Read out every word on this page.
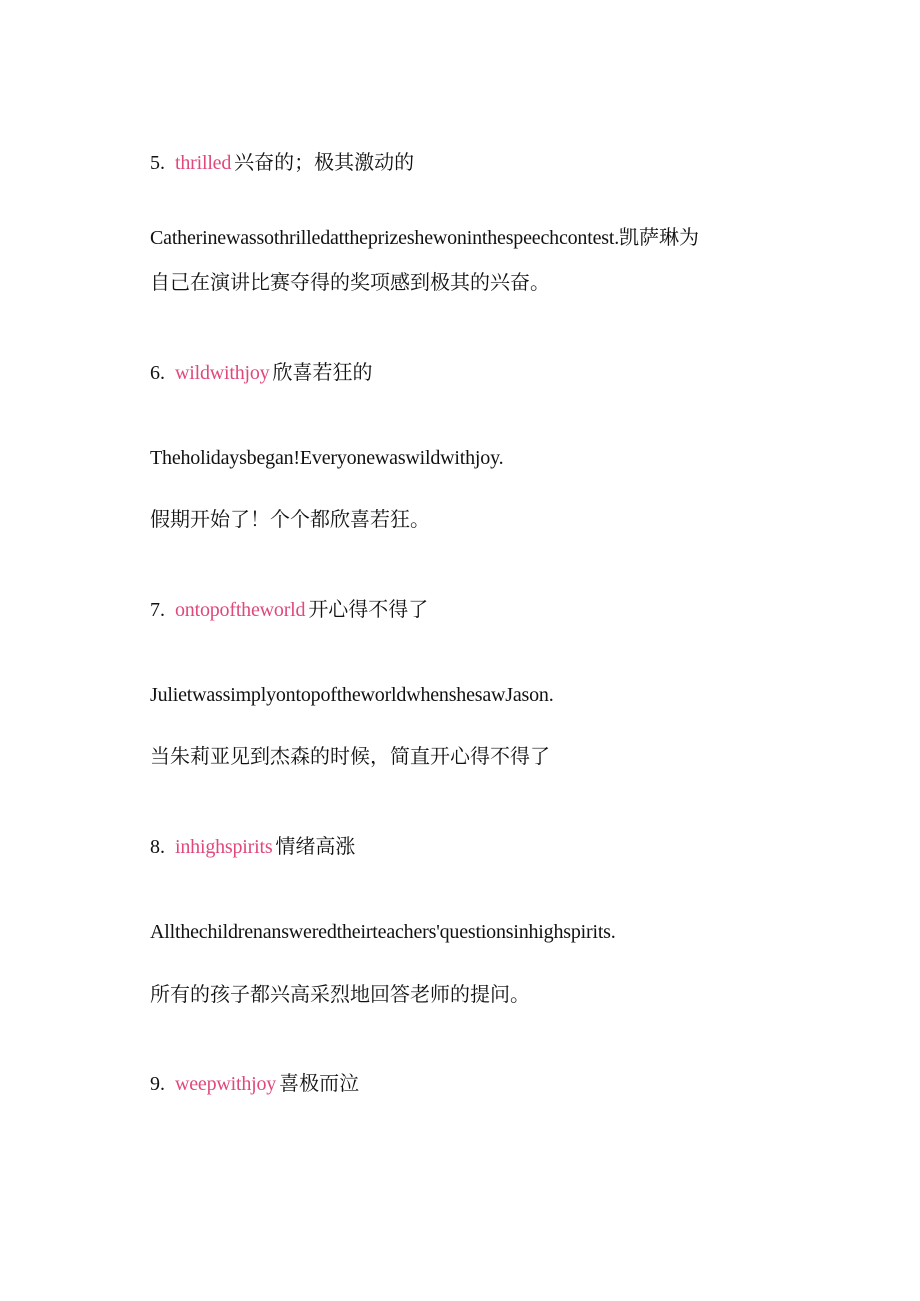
5. thrilled 兴奋的；极其激动的
Catherinewassothrilledattheprizeshewoninthespeechcontest.凯萨琳为
自己在演讲比赛夺得的奖项感到极其的兴奋。
6. wildwithjoy 欣喜若狂的
Theholidaysbegan!Everyonewaswildwithjoy.
假期开始了！个个都欣喜若狂。
7. ontopoftheworld 开心得不得了
JulietwassimplyontopoftheworldwhenshesawJason.
当朱莉亚见到杰森的时候，简直开心得不得了
8. inhighspirits 情绪高涨
Allthechildrenansweredtheirteachers'questionsinhighspirits.
所有的孩子都兴高采烈地回答老师的提问。
9. weepwithjoy 喜极而泣
